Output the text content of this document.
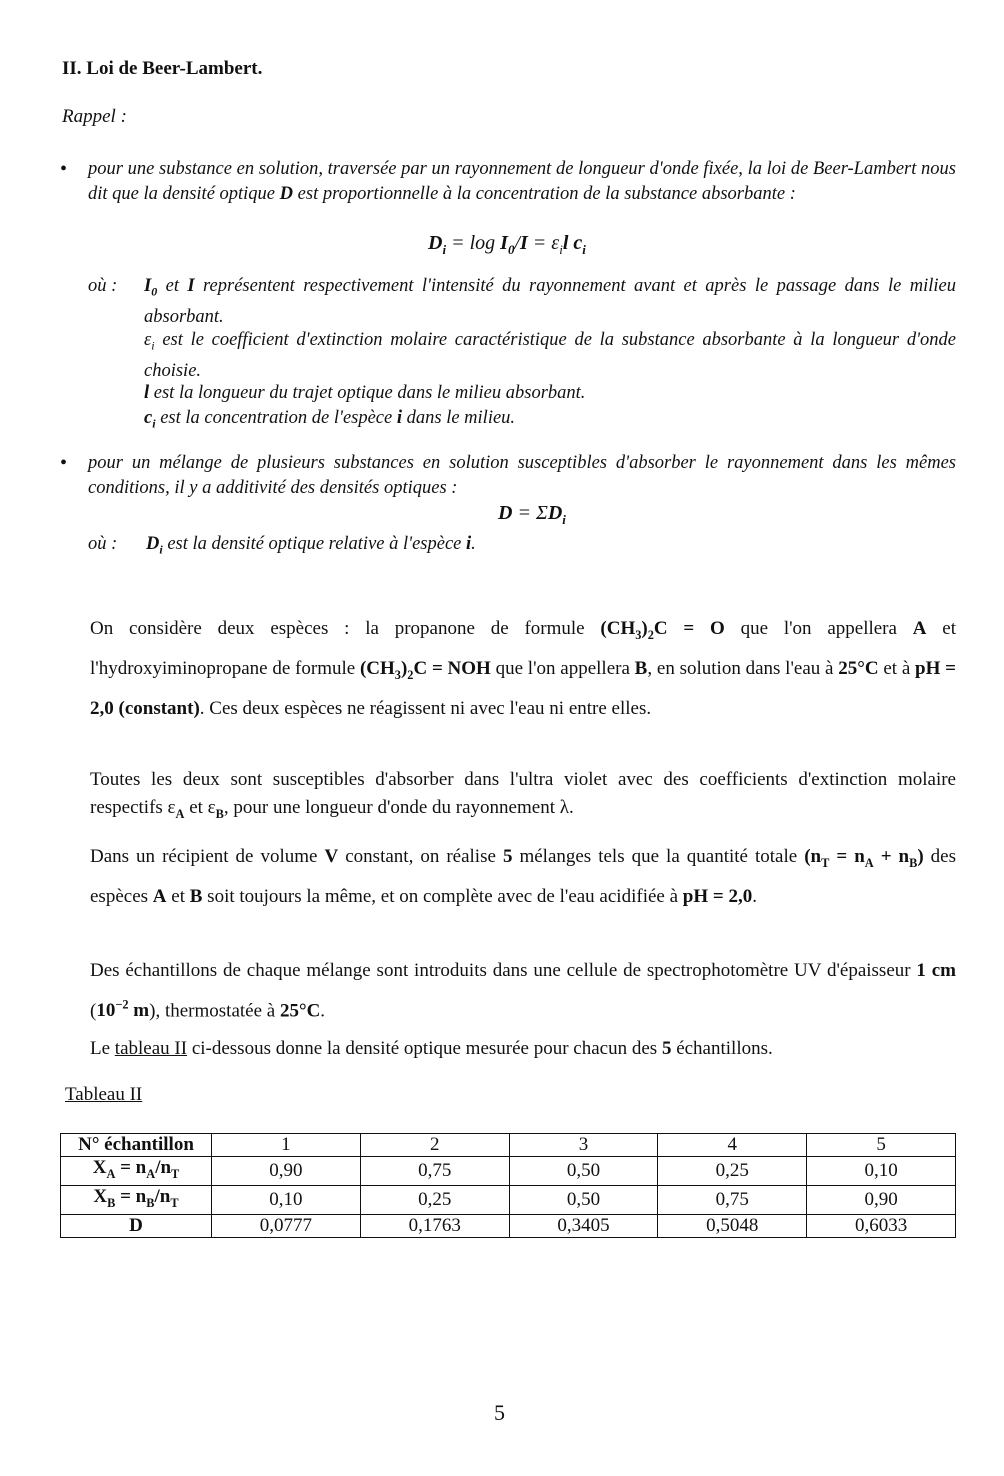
II. Loi de Beer-Lambert.
Rappel :
• pour une substance en solution, traversée par un rayonnement de longueur d'onde fixée, la loi de Beer-Lambert nous dit que la densité optique D est proportionnelle à la concentration de la substance absorbante :
$D_i = \log I_0/I = \varepsilon_il$ $c_i$
où : $I_0$ et I représentent respectivement l'intensité du rayonnement avant et après le passage dans le milieu absorbant.
$\varepsilon_i$ est le coefficient d'extinction molaire caractéristique de la substance absorbante à la longueur d'onde choisie.
l est la longueur du trajet optique dans le milieu absorbant.
$c_i$ est la concentration de l'espèce i dans le milieu.
• pour un mélange de plusieurs substances en solution susceptibles d'absorber le rayonnement dans les mêmes conditions, il y a additivité des densités optiques :
$D = \Sigma D_i$
où : $D_i$ est la densité optique relative à l'espèce i.
On considère deux espèces : la propanone de formule $(CH_3)_2C = O$ que l'on appellera A et l'hydroxyiminopropane de formule $(CH_3)_2C$ = NOH que l'on appellera B, en solution dans l'eau à 25°C et à pH = 2,0 (constant). Ces deux espèces ne réagissent ni avec l'eau ni entre elles.
Toutes les deux sont susceptibles d'absorber dans l'ultra violet avec des coefficients d'extinction molaire respectifs $\varepsilon_A$ et $\varepsilon_B$, pour une longueur d'onde du rayonnement λ.
Dans un récipient de volume V constant, on réalise 5 mélanges tels que la quantité totale $(n_T = n_A + n_B)$ des espèces A et B soit toujours la même, et on complète avec de l'eau acidifiée à pH = 2,0.
Des échantillons de chaque mélange sont introduits dans une cellule de spectrophotomètre UV d'épaisseur 1 cm ($10^{-2}$ m), thermostatée à 25°C.
Le tableau II ci-dessous donne la densité optique mesurée pour chacun des 5 échantillons.
Tableau II
N° échantillon	1	2	3	4	5
$X_A = n_A/n_T$	0,90	0,75	0,50	0,25	0,10
$X_B = n_B/n_T$	0,10	0,25	0,50	0,75	0,90
D	0,0777	0,1763	0,3405	0,5048	0,6033
5
